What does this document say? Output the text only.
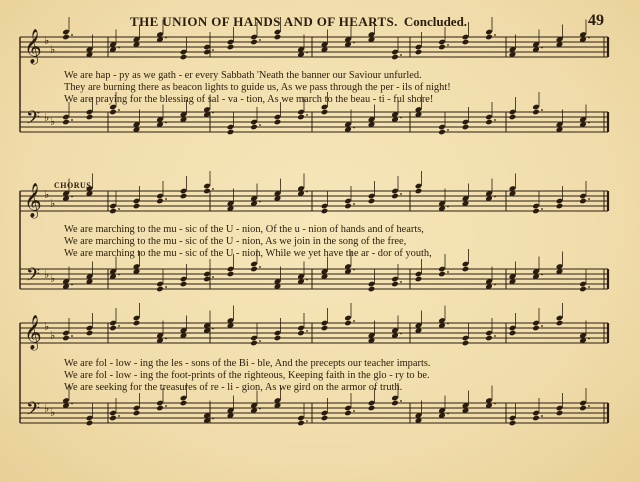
THE UNION OF HANDS AND OF HEARTS. Concluded.	49
𝄞 ♭
♭
𝄢 ♭ ♭
𝄞 ♭
♭
𝄢 ♭ ♭
𝄞 ♭
♭
𝄢 ♭ ♭
CHORUS.
We are hap - py as we gath - er every Sabbath 'Neath the banner our Saviour unfurled.
They are burning there as beacon lights to guide us, As we pass through the per - ils of night!
We are praying for the blessing of sal - va - tion, As we march to the beau - ti - ful shore!
We are marching to the mu - sic of the U - nion, Of the u - nion of hands and of hearts,
We are marching to the mu - sic of the U - nion, As we join in the song of the free,
We are marching to the mu - sic of the U - nion, While we yet have the ar - dor of youth,
We are fol - low - ing the les - sons of the Bi - ble, And the precepts our teacher imparts.
We are fol - low - ing the foot-prints of the righteous, Keeping faith in the glo - ry to be.
We are seeking for the treasures of re - li - gion, As we gird on the armor of truth.
